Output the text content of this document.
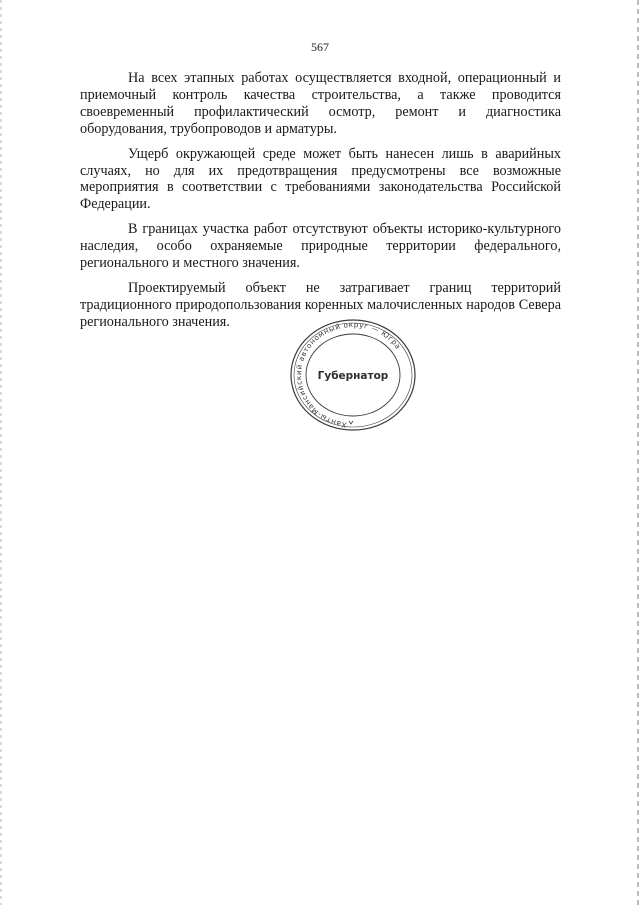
567

На всех этапных работах осуществляется входной, операционный и приемочный контроль качества строительства, а также проводится своевременный профилактический осмотр, ремонт и диагностика оборудования, трубопроводов и арматуры.

Ущерб окружающей среде может быть нанесен лишь в аварийных случаях, но для их предотвращения предусмотрены все возможные мероприятия в соответствии с требованиями законодательства Российской Федерации.

В границах участка работ отсутствуют объекты историко-культурного наследия, особо охраняемые природные территории федерального, регионального и местного значения.

Проектируемый объект не затрагивает границ территорий традиционного природопользования коренных малочисленных народов Севера регионального значения.

Ханты-Мансийский автономный округ — Югра
Губернатор
